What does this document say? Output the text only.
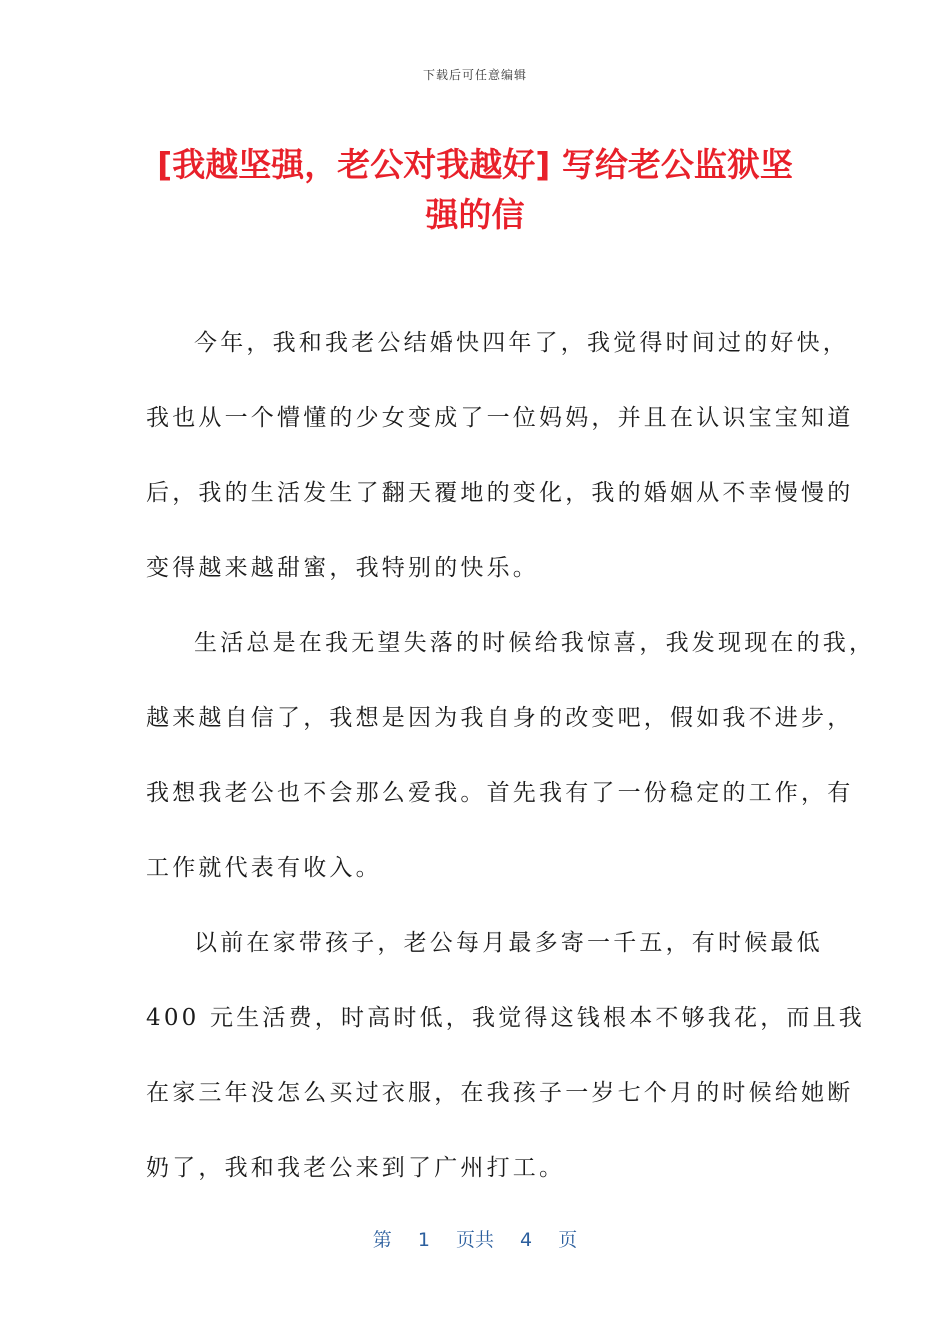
下载后可任意编辑
[我越坚强，老公对我越好] 写给老公监狱坚
强的信
今年，我和我老公结婚快四年了，我觉得时间过的好快，
我也从一个懵懂的少女变成了一位妈妈，并且在认识宝宝知道
后，我的生活发生了翻天覆地的变化，我的婚姻从不幸慢慢的
变得越来越甜蜜，我特别的快乐。
生活总是在我无望失落的时候给我惊喜，我发现现在的我，
越来越自信了，我想是因为我自身的改变吧，假如我不进步，
我想我老公也不会那么爱我。首先我有了一份稳定的工作，有
工作就代表有收入。
以前在家带孩子，老公每月最多寄一千五，有时候最低
400 元生活费，时高时低，我觉得这钱根本不够我花，而且我
在家三年没怎么买过衣服，在我孩子一岁七个月的时候给她断
奶了，我和我老公来到了广州打工。
第 1 页共 4 页
